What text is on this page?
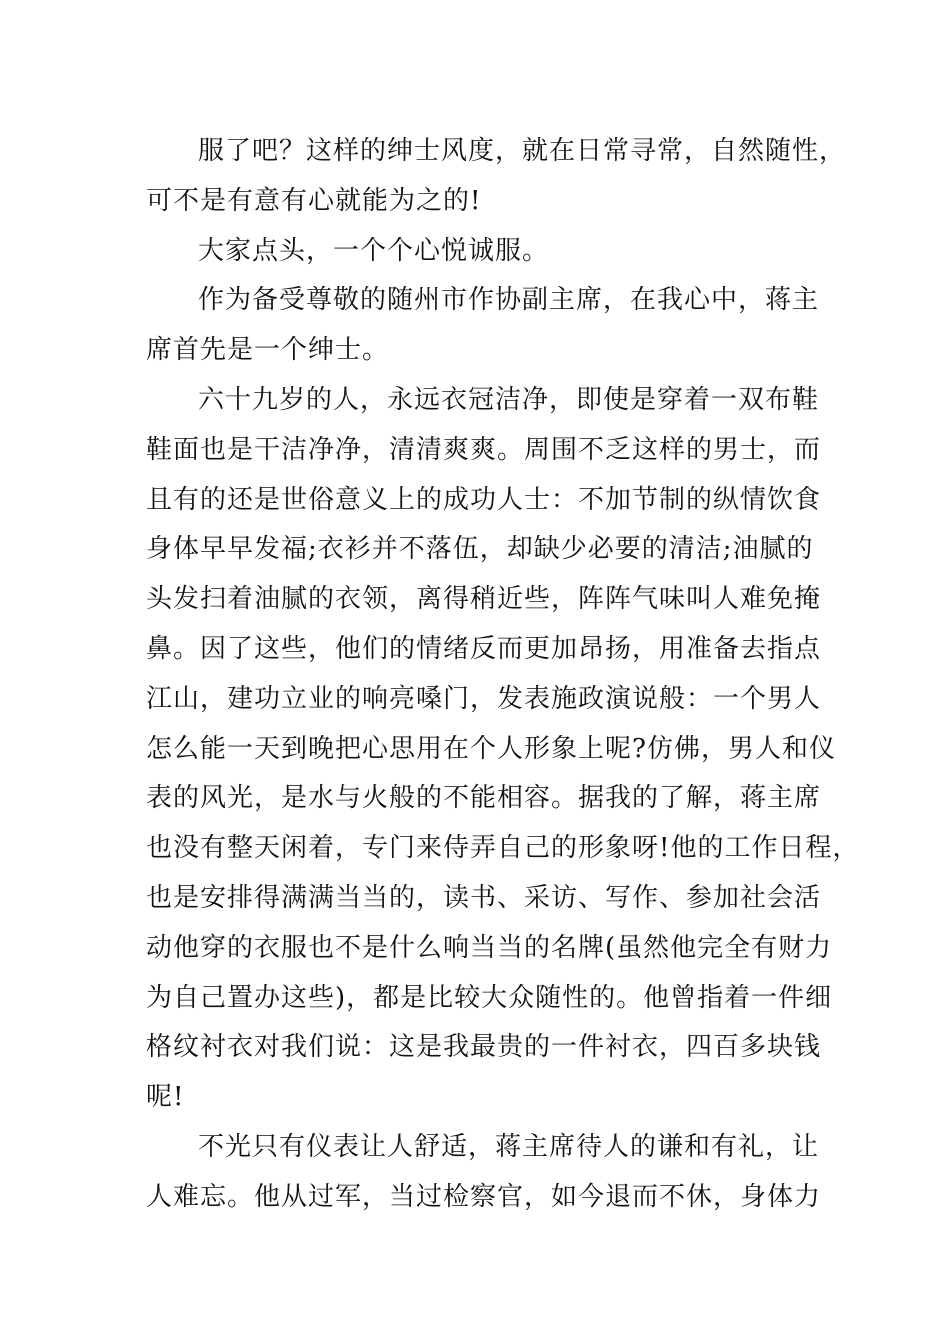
服了吧？这样的绅士风度，就在日常寻常，自然随性，
可不是有意有心就能为之的!

大家点头，一个个心悦诚服。

作为备受尊敬的随州市作协副主席，在我心中，蒋主
席首先是一个绅士。

六十九岁的人，永远衣冠洁净，即使是穿着一双布鞋
鞋面也是干洁净净，清清爽爽。周围不乏这样的男士，而
且有的还是世俗意义上的成功人士：不加节制的纵情饮食
身体早早发福;衣衫并不落伍，却缺少必要的清洁;油腻的
头发扫着油腻的衣领，离得稍近些，阵阵气味叫人难免掩
鼻。因了这些，他们的情绪反而更加昂扬，用准备去指点
江山，建功立业的响亮嗓门，发表施政演说般：一个男人
怎么能一天到晚把心思用在个人形象上呢?仿佛，男人和仪
表的风光，是水与火般的不能相容。据我的了解，蒋主席
也没有整天闲着，专门来侍弄自己的形象呀!他的工作日程，
也是安排得满满当当的，读书、采访、写作、参加社会活
动他穿的衣服也不是什么响当当的名牌(虽然他完全有财力
为自己置办这些)，都是比较大众随性的。他曾指着一件细
格纹衬衣对我们说：这是我最贵的一件衬衣，四百多块钱
呢!

不光只有仪表让人舒适，蒋主席待人的谦和有礼，让
人难忘。他从过军，当过检察官，如今退而不休，身体力
